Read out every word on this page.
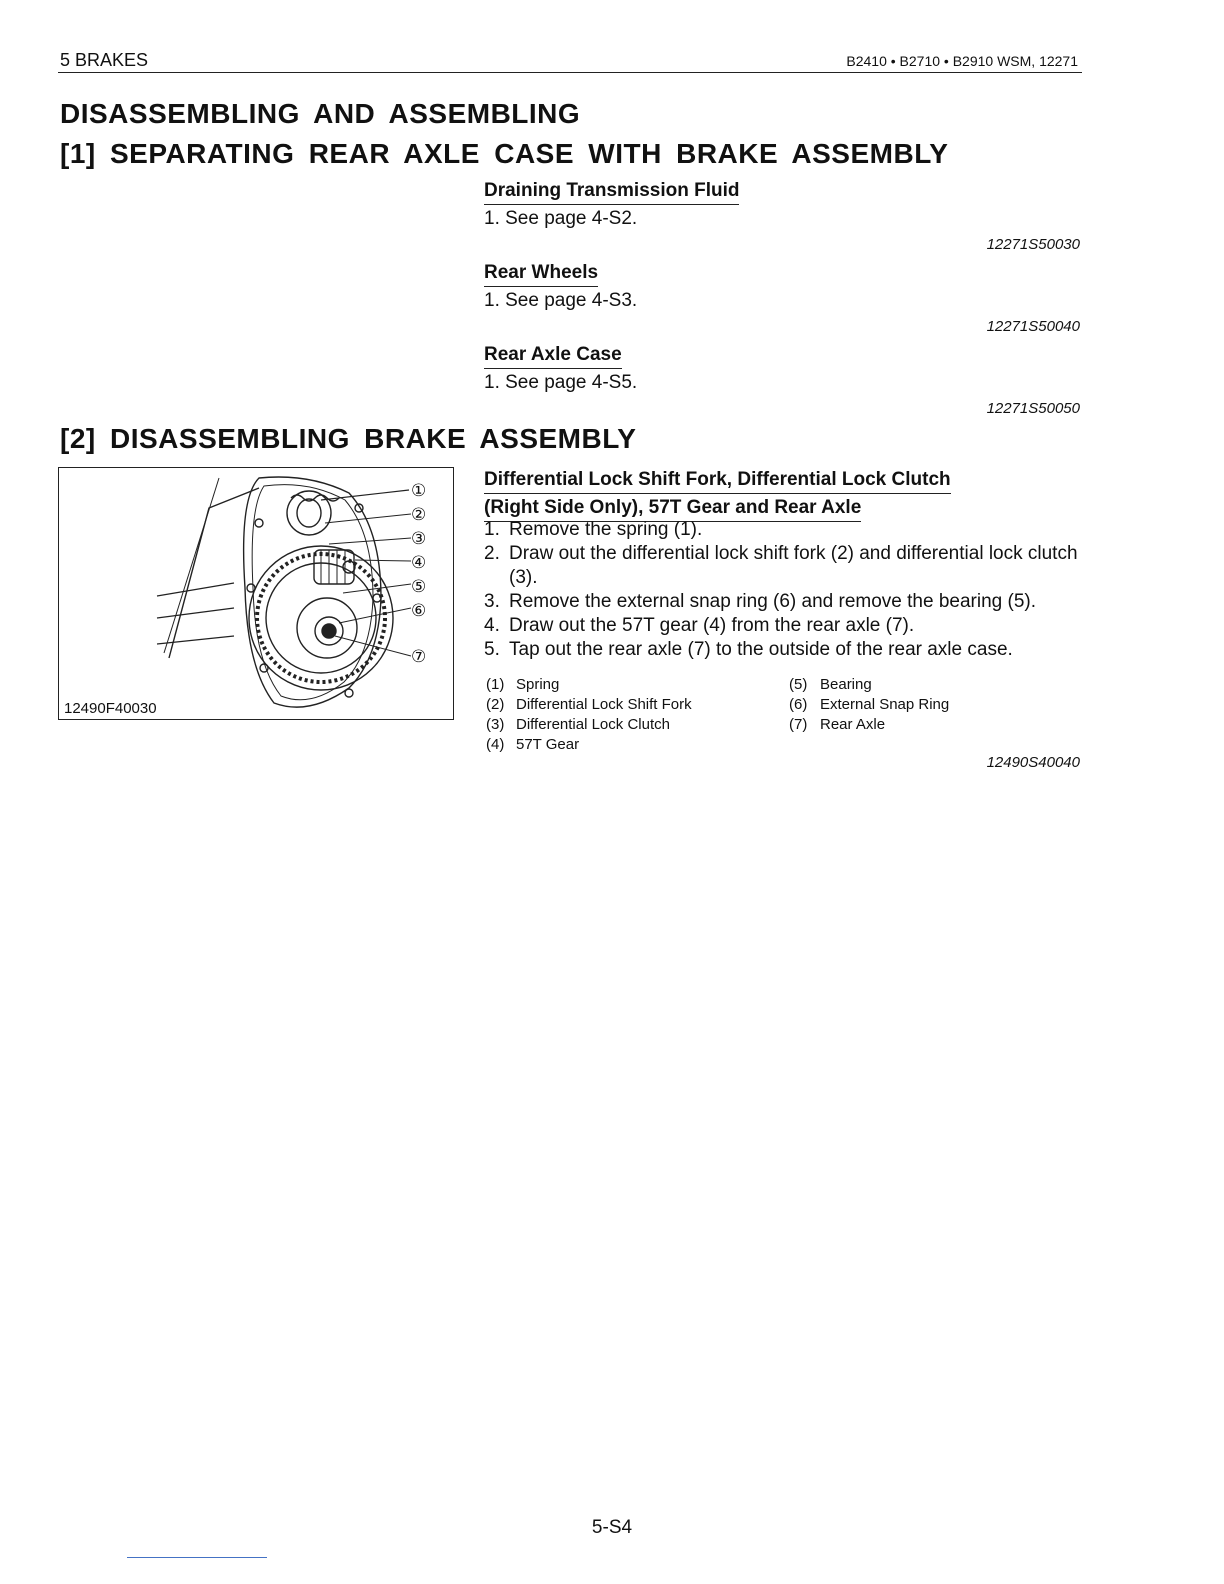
5 BRAKES	B2410 • B2710 • B2910 WSM, 12271
DISASSEMBLING AND ASSEMBLING
[1] SEPARATING REAR AXLE CASE WITH BRAKE ASSEMBLY
Draining Transmission Fluid
1. See page 4-S2.
12271S50030
Rear Wheels
1. See page 4-S3.
12271S50040
Rear Axle Case
1. See page 4-S5.
12271S50050
[2] DISASSEMBLING BRAKE ASSEMBLY
①
②
③
④
⑤
⑥
⑦
12490F40030
Differential Lock Shift Fork, Differential Lock Clutch
(Right Side Only), 57T Gear and Rear Axle
1. Remove the spring (1).
2. Draw out the differential lock shift fork (2) and differential lock clutch (3).
3. Remove the external snap ring (6) and remove the bearing (5).
4. Draw out the 57T gear (4) from the rear axle (7).
5. Tap out the rear axle (7) to the outside of the rear axle case.
(1) Spring
(2) Differential Lock Shift Fork
(3) Differential Lock Clutch
(4) 57T Gear
(5) Bearing
(6) External Snap Ring
(7) Rear Axle
12490S40040
5-S4
